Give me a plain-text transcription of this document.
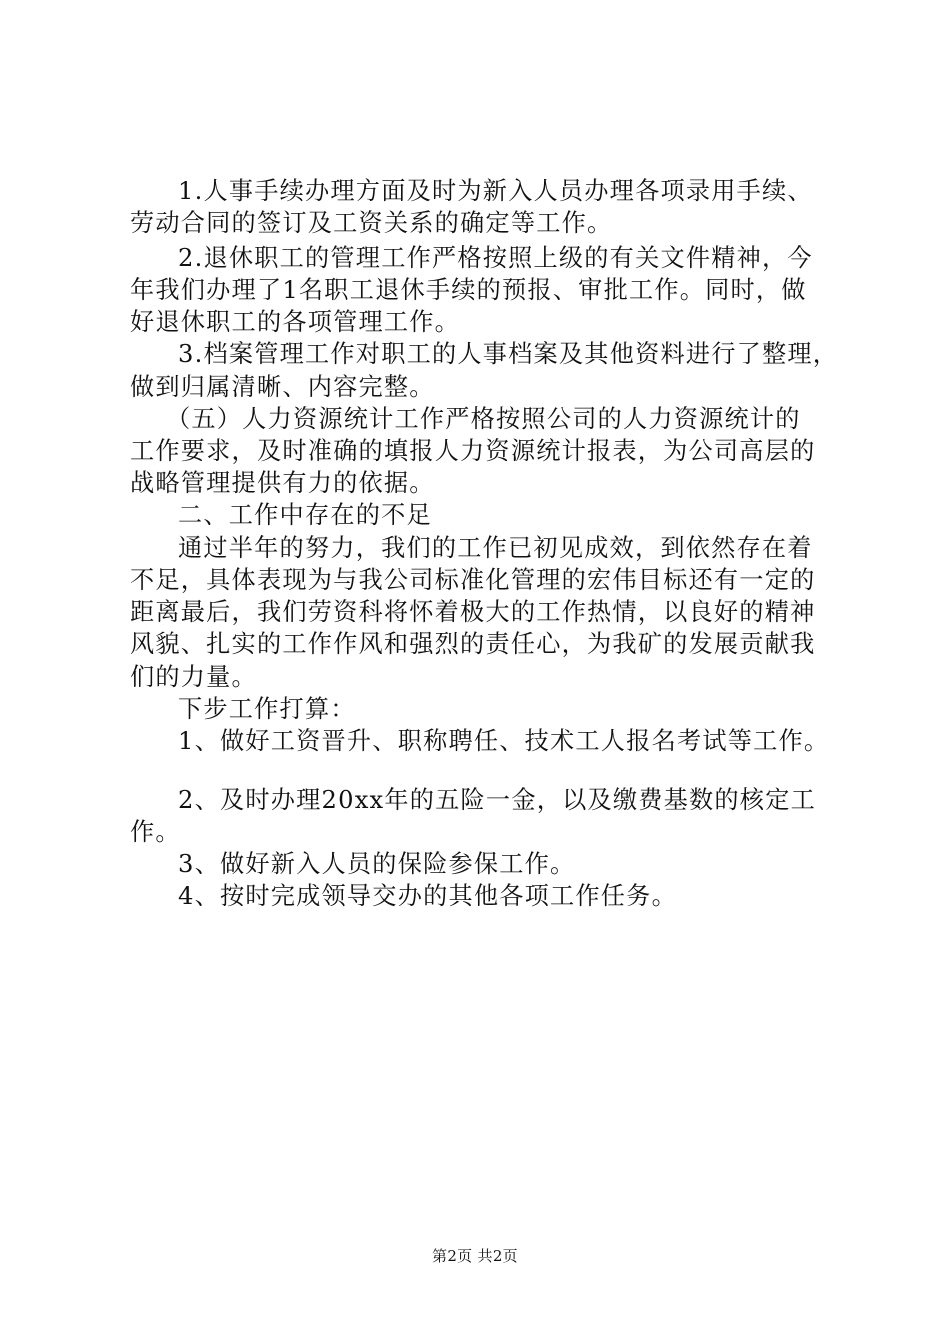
1.人事手续办理方面及时为新入人员办理各项录用手续、
劳动合同的签订及工资关系的确定等工作。
2.退休职工的管理工作严格按照上级的有关文件精神，今
年我们办理了1名职工退休手续的预报、审批工作。同时，做
好退休职工的各项管理工作。
3.档案管理工作对职工的人事档案及其他资料进行了整理，
做到归属清晰、内容完整。
（五）人力资源统计工作严格按照公司的人力资源统计的
工作要求，及时准确的填报人力资源统计报表，为公司高层的
战略管理提供有力的依据。
二、工作中存在的不足
通过半年的努力，我们的工作已初见成效，到依然存在着
不足，具体表现为与我公司标准化管理的宏伟目标还有一定的
距离最后，我们劳资科将怀着极大的工作热情，以良好的精神
风貌、扎实的工作作风和强烈的责任心，为我矿的发展贡献我
们的力量。
下步工作打算：
1、做好工资晋升、职称聘任、技术工人报名考试等工作。
2、及时办理20xx年的五险一金，以及缴费基数的核定工
作。
3、做好新入人员的保险参保工作。
4、按时完成领导交办的其他各项工作任务。
第2页 共2页
